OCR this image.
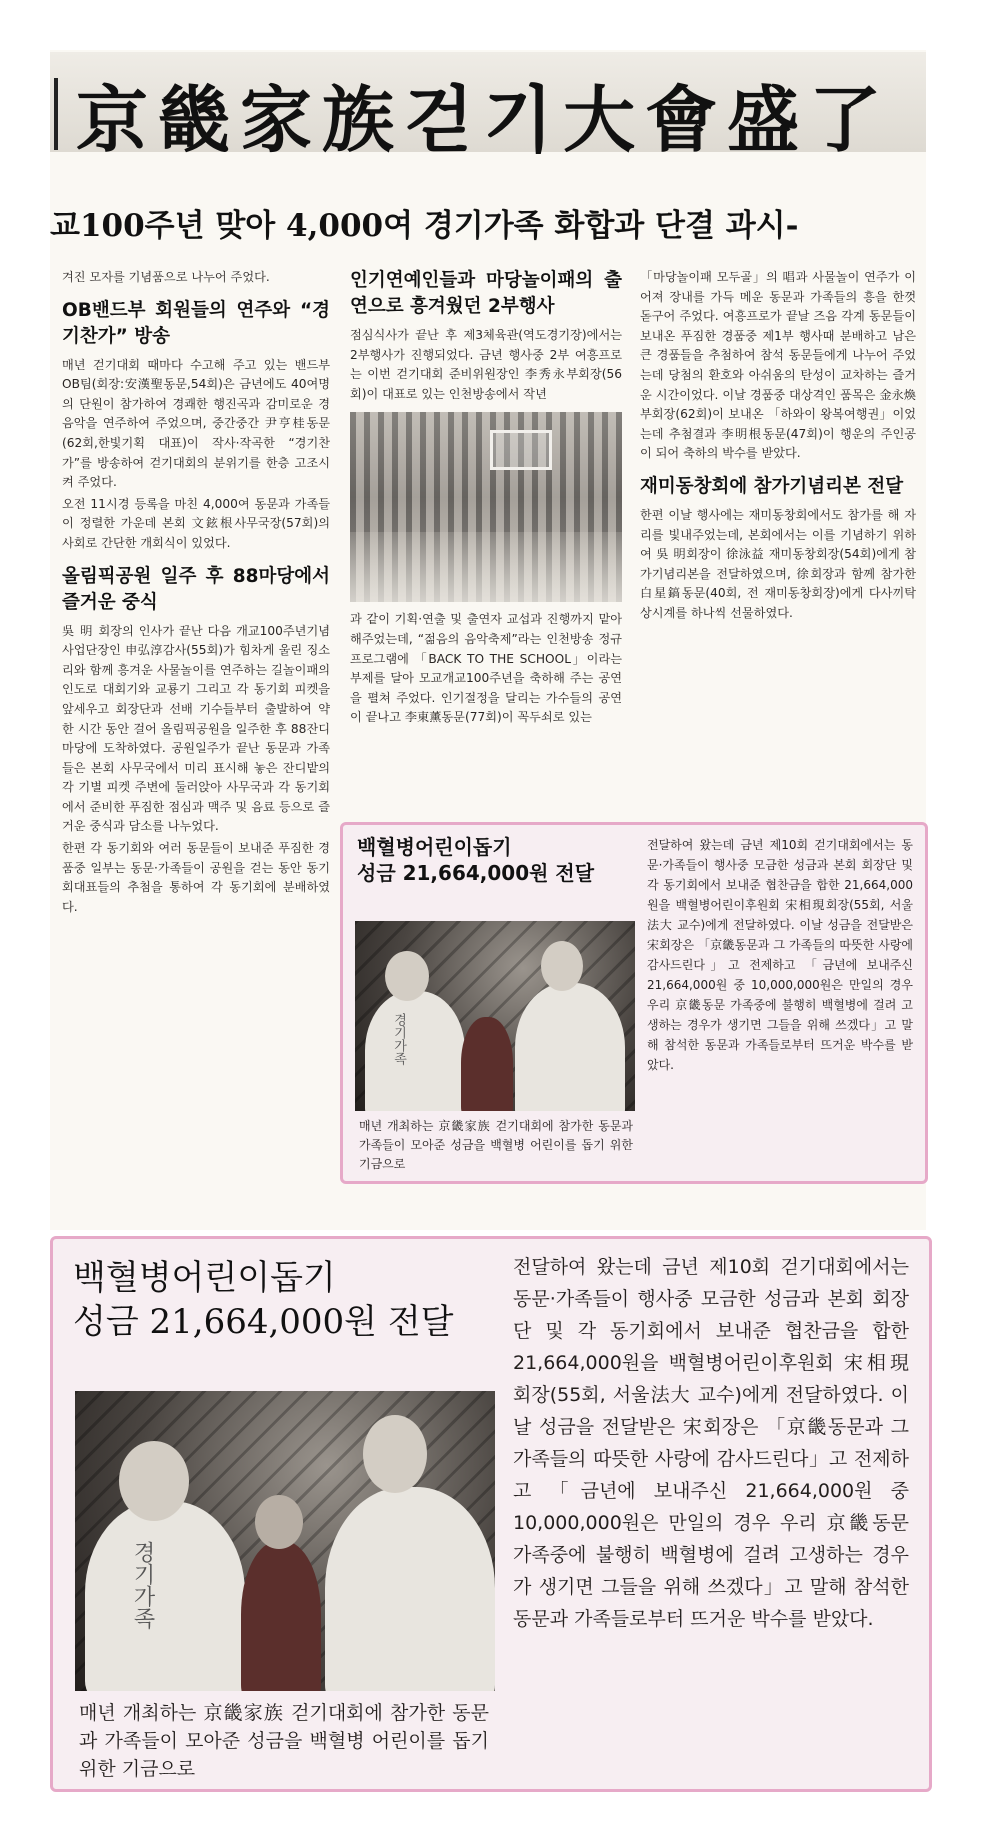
京畿家族걷기大會盛了
교100주년 맞아 4,000여 경기가족 화합과 단결 과시-

겨진 모자를 기념품으로 나누어 주었다.

OB밴드부 회원들의 연주와 “경기찬가” 방송

매년 걷기대회 때마다 수고해 주고 있는 밴드부 OB팀(회장:安漢聖동문,54회)은 금년에도 40여명의 단원이 참가하여 경쾌한 행진곡과 감미로운 경음악을 연주하여 주었으며, 중간중간 尹亨桂동문(62회,한빛기획 대표)이 작사·작곡한 “경기찬가”를 방송하여 걷기대회의 분위기를 한층 고조시켜 주었다.

오전 11시경 등록을 마친 4,000여 동문과 가족들이 정렬한 가운데 본회 文鉉根사무국장(57회)의 사회로 간단한 개회식이 있었다.

올림픽공원 일주 후 88마당에서 즐거운 중식

吳 明 회장의 인사가 끝난 다음 개교100주년기념사업단장인 申弘淳감사(55회)가 힘차게 울린 징소리와 함께 흥겨운 사물놀이를 연주하는 길놀이패의 인도로 대회기와 교룡기 그리고 각 동기회 피켓을 앞세우고 회장단과 선배 기수들부터 출발하여 약 한 시간 동안 걸어 올림픽공원을 일주한 후 88잔디마당에 도착하였다. 공원일주가 끝난 동문과 가족들은 본회 사무국에서 미리 표시해 놓은 잔디밭의 각 기별 피켓 주변에 둘러앉아 사무국과 각 동기회에서 준비한 푸짐한 점심과 맥주 및 음료 등으로 즐거운 중식과 담소를 나누었다.

한편 각 동기회와 여러 동문들이 보내준 푸짐한 경품중 일부는 동문·가족들이 공원을 걷는 동안 동기회대표들의 추첨을 통하여 각 동기회에 분배하였다.

인기연예인들과 마당놀이패의 출연으로 흥겨웠던 2부행사

점심식사가 끝난 후 제3체육관(역도경기장)에서는 2부행사가 진행되었다. 금년 행사중 2부 여흥프로는 이번 걷기대회 준비위원장인 李秀永부회장(56회)이 대표로 있는 인천방송에서 작년

과 같이 기획·연출 및 출연자 교섭과 진행까지 맡아 해주었는데, “젊음의 음악축제”라는 인천방송 정규 프로그램에 「BACK TO THE SCHOOL」이라는 부제를 달아 모교개교100주년을 축하해 주는 공연을 펼쳐 주었다. 인기절정을 달리는 가수들의 공연이 끝나고 李東薰동문(77회)이 꼭두쇠로 있는

「마당놀이패 모두골」의 唱과 사물놀이 연주가 이어져 장내를 가득 메운 동문과 가족들의 흥을 한껏 돋구어 주었다. 여흥프로가 끝날 즈음 각계 동문들이 보내온 푸짐한 경품중 제1부 행사때 분배하고 남은 큰 경품들을 추첨하여 참석 동문들에게 나누어 주었는데 당첨의 환호와 아쉬움의 탄성이 교차하는 즐거운 시간이었다. 이날 경품중 대상격인 품목은 金永煥부회장(62회)이 보내온 「하와이 왕복여행권」이었는데 추첨결과 李明根동문(47회)이 행운의 주인공이 되어 축하의 박수를 받았다.

재미동창회에 참가기념리본 전달

한편 이날 행사에는 재미동창회에서도 참가를 해 자리를 빛내주었는데, 본회에서는 이를 기념하기 위하여 吳 明회장이 徐泳益 재미동창회장(54회)에게 참가기념리본을 전달하였으며, 徐회장과 함께 참가한 白星鎬동문(40회, 전 재미동창회장)에게 다사끼탁상시계를 하나씩 선물하였다.

백혈병어린이돕기
성금 21,664,000원 전달
경기가족
매년 개최하는 京畿家族 걷기대회에 참가한 동문과 가족들이 모아준 성금을 백혈병 어린이를 돕기 위한 기금으로
전달하여 왔는데 금년 제10회 걷기대회에서는 동문·가족들이 행사중 모금한 성금과 본회 회장단 및 각 동기회에서 보내준 협찬금을 합한 21,664,000원을 백혈병어린이후원회 宋相現회장(55회, 서울法大 교수)에게 전달하였다. 이날 성금을 전달받은 宋회장은 「京畿동문과 그 가족들의 따뜻한 사랑에 감사드린다」고 전제하고 「금년에 보내주신 21,664,000원 중 10,000,000원은 만일의 경우 우리 京畿동문 가족중에 불행히 백혈병에 걸려 고생하는 경우가 생기면 그들을 위해 쓰겠다」고 말해 참석한 동문과 가족들로부터 뜨거운 박수를 받았다.
백혈병어린이돕기
성금 21,664,000원 전달
경기가족
매년 개최하는 京畿家族 걷기대회에 참가한 동문과 가족들이 모아준 성금을 백혈병 어린이를 돕기 위한 기금으로
전달하여 왔는데 금년 제10회 걷기대회에서는 동문·가족들이 행사중 모금한 성금과 본회 회장단 및 각 동기회에서 보내준 협찬금을 합한 21,664,000원을 백혈병어린이후원회 宋相現회장(55회, 서울法大 교수)에게 전달하였다. 이날 성금을 전달받은 宋회장은 「京畿동문과 그 가족들의 따뜻한 사랑에 감사드린다」고 전제하고 「금년에 보내주신 21,664,000원 중 10,000,000원은 만일의 경우 우리 京畿동문 가족중에 불행히 백혈병에 걸려 고생하는 경우가 생기면 그들을 위해 쓰겠다」고 말해 참석한 동문과 가족들로부터 뜨거운 박수를 받았다.
